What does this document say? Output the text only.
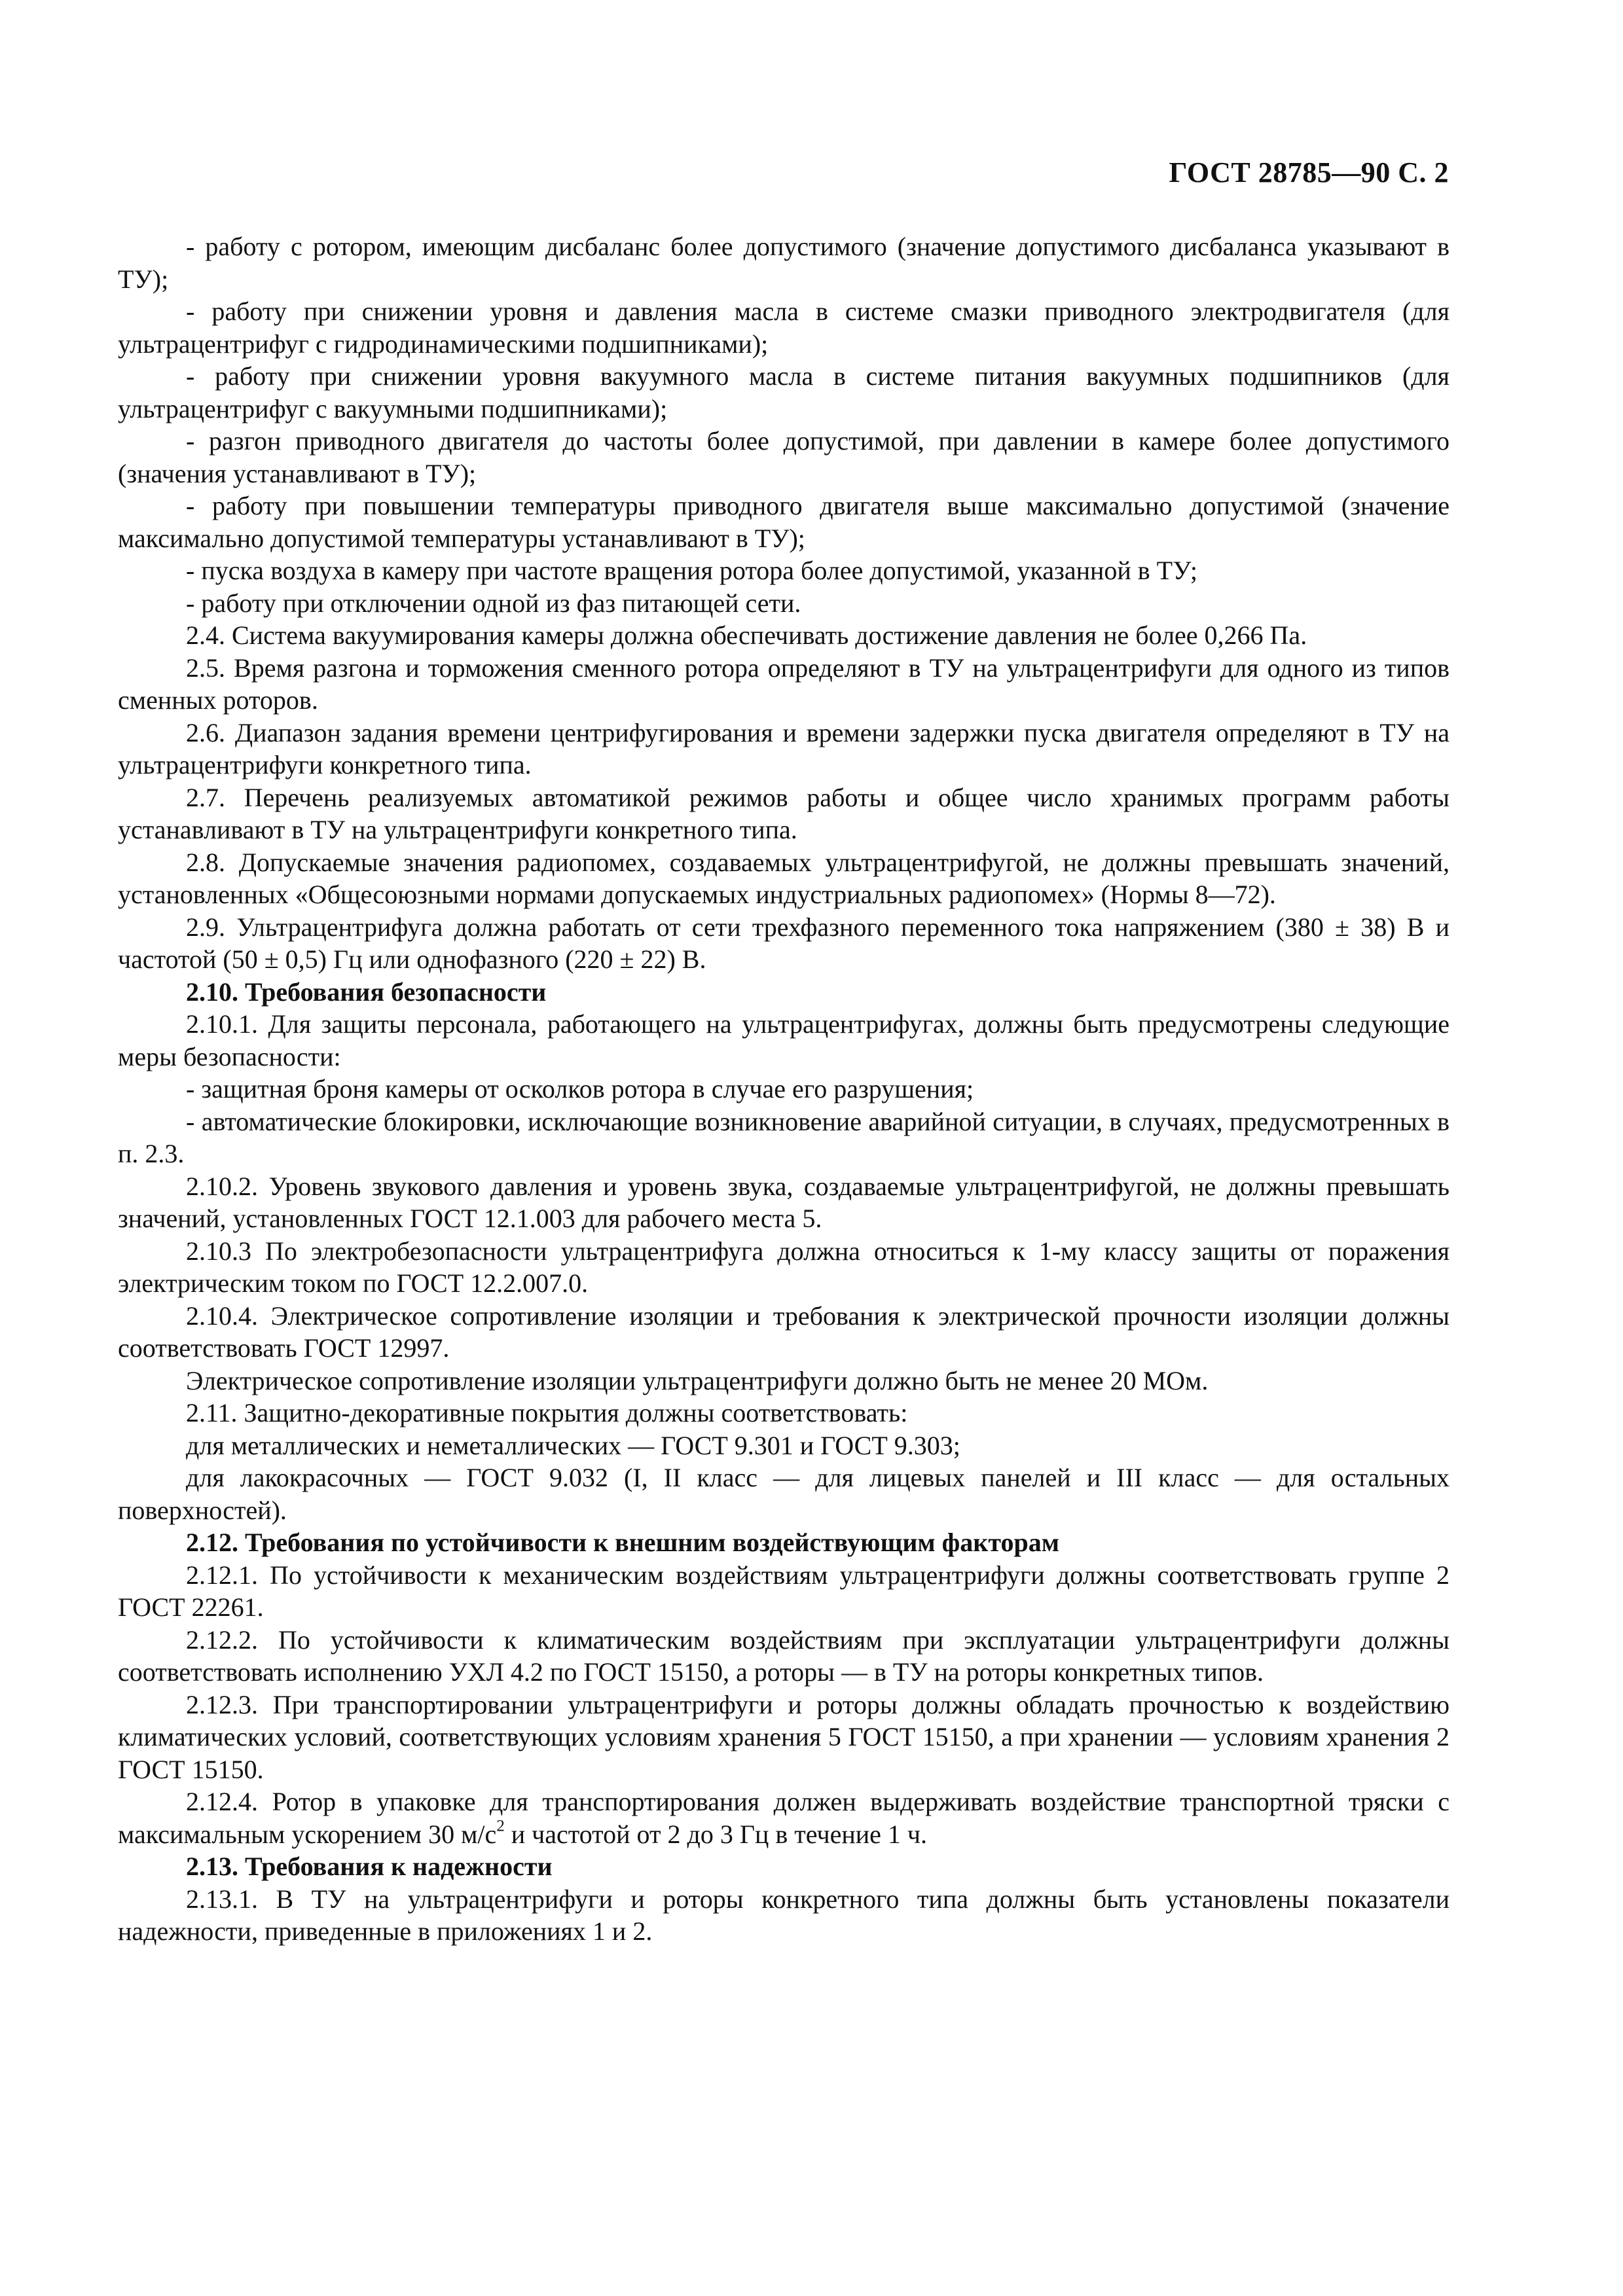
ГОСТ 28785—90 С. 2

- работу с ротором, имеющим дисбаланс более допустимого (значение допустимого дисбаланса указывают в ТУ);

- работу при снижении уровня и давления масла в системе смазки приводного электродвигателя (для ультрацентрифуг с гидродинамическими подшипниками);

- работу при снижении уровня вакуумного масла в системе питания вакуумных подшипников (для ультрацентрифуг с вакуумными подшипниками);

- разгон приводного двигателя до частоты более допустимой, при давлении в камере более допустимого (значения устанавливают в ТУ);

- работу при повышении температуры приводного двигателя выше максимально допустимой (значение максимально допустимой температуры устанавливают в ТУ);

- пуска воздуха в камеру при частоте вращения ротора более допустимой, указанной в ТУ;

- работу при отключении одной из фаз питающей сети.

2.4. Система вакуумирования камеры должна обеспечивать достижение давления не более 0,266 Па.

2.5. Время разгона и торможения сменного ротора определяют в ТУ на ультрацентрифуги для одного из типов сменных роторов.

2.6. Диапазон задания времени центрифугирования и времени задержки пуска двигателя определяют в ТУ на ультрацентрифуги конкретного типа.

2.7. Перечень реализуемых автоматикой режимов работы и общее число хранимых программ работы устанавливают в ТУ на ультрацентрифуги конкретного типа.

2.8. Допускаемые значения радиопомех, создаваемых ультрацентрифугой, не должны превышать значений, установленных «Общесоюзными нормами допускаемых индустриальных радиопомех» (Нормы 8—72).

2.9. Ультрацентрифуга должна работать от сети трехфазного переменного тока напряжением (380 ± 38) В и частотой (50 ± 0,5) Гц или однофазного (220 ± 22) В.

2.10. Требования безопасности

2.10.1. Для защиты персонала, работающего на ультрацентрифугах, должны быть предусмотрены следующие меры безопасности:

- защитная броня камеры от осколков ротора в случае его разрушения;

- автоматические блокировки, исключающие возникновение аварийной ситуации, в случаях, предусмотренных в п. 2.3.

2.10.2. Уровень звукового давления и уровень звука, создаваемые ультрацентрифугой, не должны превышать значений, установленных ГОСТ 12.1.003 для рабочего места 5.

2.10.3 По электробезопасности ультрацентрифуга должна относиться к 1-му классу защиты от поражения электрическим током по ГОСТ 12.2.007.0.

2.10.4. Электрическое сопротивление изоляции и требования к электрической прочности изоляции должны соответствовать ГОСТ 12997.

Электрическое сопротивление изоляции ультрацентрифуги должно быть не менее 20 МОм.

2.11. Защитно-декоративные покрытия должны соответствовать:

для металлических и неметаллических — ГОСТ 9.301 и ГОСТ 9.303;

для лакокрасочных — ГОСТ 9.032 (I, II класс — для лицевых панелей и III класс — для остальных поверхностей).

2.12. Требования по устойчивости к внешним воздействующим факторам

2.12.1. По устойчивости к механическим воздействиям ультрацентрифуги должны соответствовать группе 2 ГОСТ 22261.

2.12.2. По устойчивости к климатическим воздействиям при эксплуатации ультрацентрифуги должны соответствовать исполнению УХЛ 4.2 по ГОСТ 15150, а роторы — в ТУ на роторы конкретных типов.

2.12.3. При транспортировании ультрацентрифуги и роторы должны обладать прочностью к воздействию климатических условий, соответствующих условиям хранения 5 ГОСТ 15150, а при хранении — условиям хранения 2 ГОСТ 15150.

2.12.4. Ротор в упаковке для транспортирования должен выдерживать воздействие транспортной тряски с максимальным ускорением 30 $м/с^2$ и частотой от 2 до 3 Гц в течение 1 ч.

2.13. Требования к надежности

2.13.1. В ТУ на ультрацентрифуги и роторы конкретного типа должны быть установлены показатели надежности, приведенные в приложениях 1 и 2.
